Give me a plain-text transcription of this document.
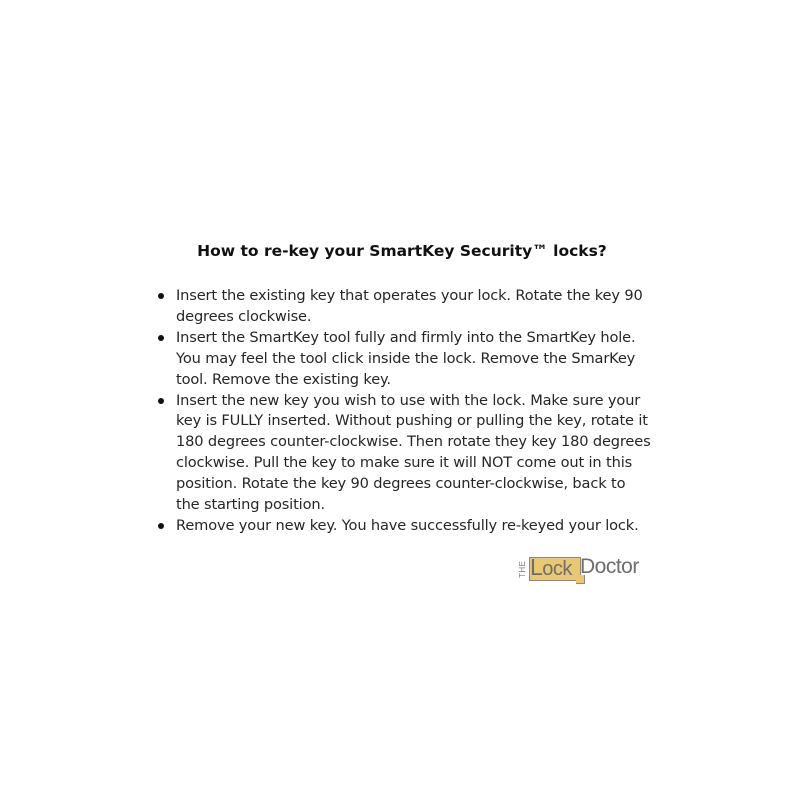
How to re-key your SmartKey Security™ locks?
Insert the existing key that operates your lock. Rotate the key 90 degrees clockwise.
Insert the SmartKey tool fully and firmly into the SmartKey hole. You may feel the tool click inside the lock. Remove the SmarKey tool. Remove the existing key.
Insert the new key you wish to use with the lock. Make sure your key is FULLY inserted. Without pushing or pulling the key, rotate it 180 degrees counter-clockwise. Then rotate they key 180 degrees clockwise. Pull the key to make sure it will NOT come out in this position. Rotate the key 90 degrees counter-clockwise, back to the starting position.
Remove your new key. You have successfully re-keyed your lock.
THE Lock Doctor
